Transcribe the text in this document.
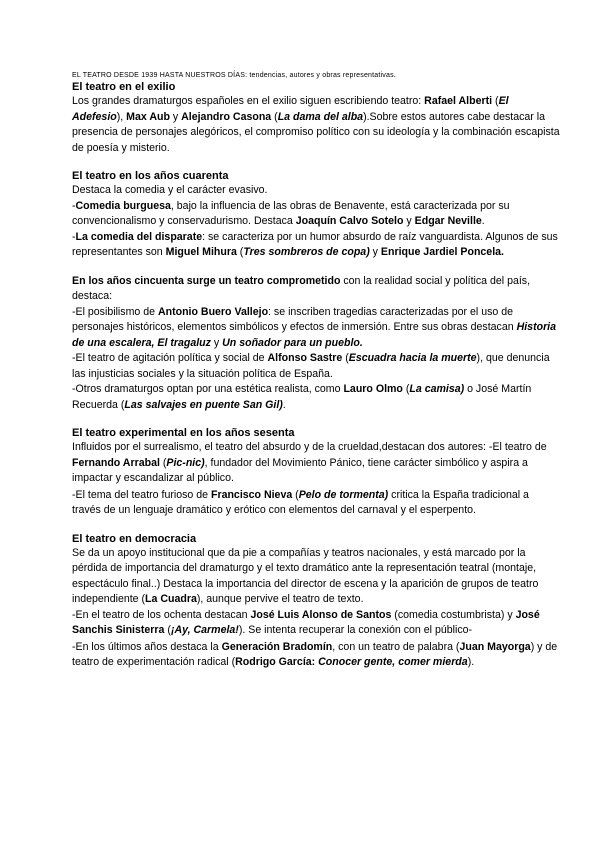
EL TEATRO DESDE 1939 HASTA NUESTROS DÍAS: tendencias, autores y obras representativas.
El teatro en el exilio

Los grandes dramaturgos españoles en el exilio siguen escribiendo teatro: Rafael Alberti (El Adefesio), Max Aub y Alejandro Casona (La dama del alba).Sobre estos autores cabe destacar la presencia de personajes alegóricos, el compromiso político con su ideología y la combinación escapista de poesía y misterio.

El teatro en los años cuarenta

Destaca la comedia y el carácter evasivo.

-Comedia burguesa, bajo la influencia de las obras de Benavente, está caracterizada por su convencionalismo y conservadurismo. Destaca Joaquín Calvo Sotelo y Edgar Neville.

-La comedia del disparate: se caracteriza por un humor absurdo de raíz vanguardista. Algunos de sus representantes son Miguel Mihura (Tres sombreros de copa) y Enrique Jardiel Poncela.

En los años cincuenta surge un teatro comprometido con la realidad social y política del país, destaca:

-El posibilismo de Antonio Buero Vallejo: se inscriben tragedias caracterizadas por el uso de personajes históricos, elementos simbólicos y efectos de inmersión. Entre sus obras destacan Historia de una escalera, El tragaluz y Un soñador para un pueblo.

-El teatro de agitación política y social de Alfonso Sastre (Escuadra hacia la muerte), que denuncia las injusticias sociales y la situación política de España.

-Otros dramaturgos optan por una estética realista, como Lauro Olmo (La camisa) o José Martín Recuerda (Las salvajes en puente San Gil).

El teatro experimental en los años sesenta

Influidos por el surrealismo, el teatro del absurdo y de la crueldad,destacan dos autores: -El teatro de Fernando Arrabal (Pic-nic), fundador del Movimiento Pánico, tiene carácter simbólico y aspira a impactar y escandalizar al público.

-El tema del teatro furioso de Francisco Nieva (Pelo de tormenta) critica la España tradicional a través de un lenguaje dramático y erótico con elementos del carnaval y el esperpento.

El teatro en democracia

Se da un apoyo institucional que da pie a compañías y teatros nacionales, y está marcado por la pérdida de importancia del dramaturgo y el texto dramático ante la representación teatral (montaje, espectáculo final..) Destaca la importancia del director de escena y la aparición de grupos de teatro independiente (La Cuadra), aunque pervive el teatro de texto.

-En el teatro de los ochenta destacan José Luis Alonso de Santos (comedia costumbrista) y José Sanchis Sinisterra (¡Ay, Carmela!). Se intenta recuperar la conexión con el público-

-En los últimos años destaca la Generación Bradomín, con un teatro de palabra (Juan Mayorga) y de teatro de experimentación radical (Rodrigo García: Conocer gente, comer mierda).
